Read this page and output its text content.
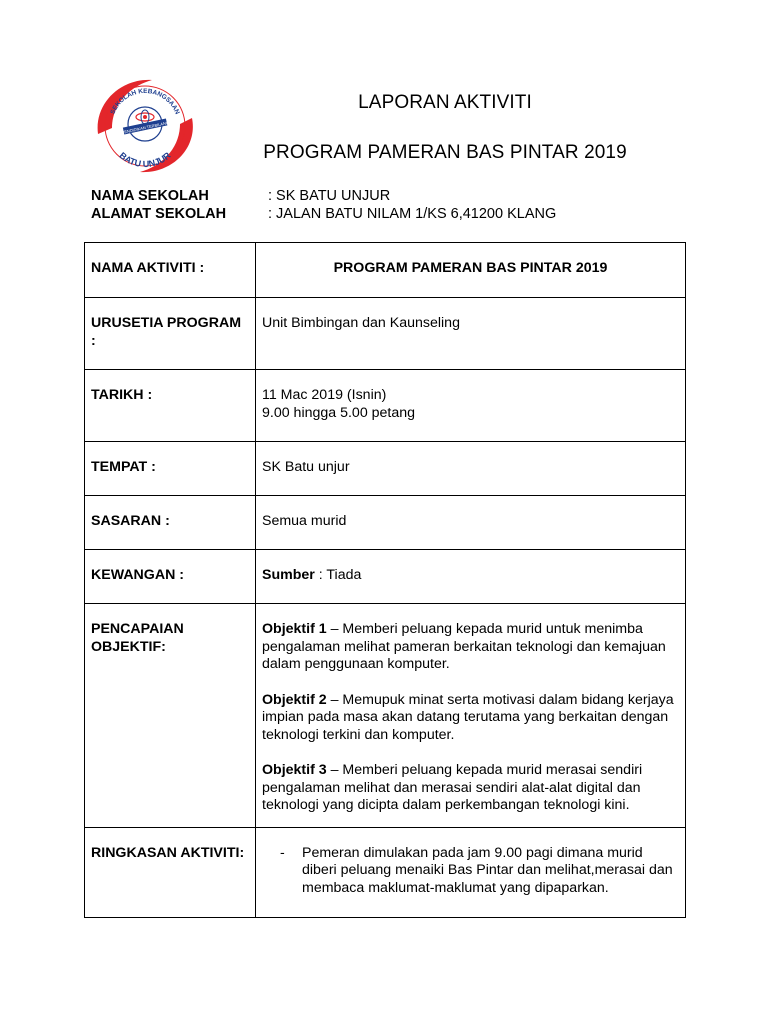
SEKOLAH KEBANGSAAN
BATU UNJUR
PENDIDIKAN TERBILANG
LAPORAN AKTIVITI
PROGRAM PAMERAN BAS PINTAR 2019
NAMA SEKOLAH	: SK BATU UNJUR
ALAMAT SEKOLAH	: JALAN BATU NILAM 1/KS 6,41200 KLANG
NAMA AKTIVITI :	PROGRAM PAMERAN BAS PINTAR 2019
URUSETIA PROGRAM :	Unit Bimbingan dan Kaunseling
TARIKH :	11 Mac 2019 (Isnin)
9.00 hingga 5.00 petang

TEMPAT :	SK Batu unjur
SASARAN :	Semua murid
KEWANGAN :	Sumber : Tiada
PENCAPAIAN OBJEKTIF:	Objektif 1 – Memberi peluang kepada murid untuk menimba pengalaman melihat pameran berkaitan teknologi dan kemajuan dalam penggunaan komputer.
Objektif 2 – Memupuk minat serta motivasi dalam bidang kerjaya impian pada masa akan datang terutama yang berkaitan dengan teknologi terkini dan komputer.
Objektif 3 – Memberi peluang kepada murid merasai sendiri pengalaman melihat dan merasai sendiri alat-alat digital dan teknologi yang dicipta dalam perkembangan teknologi kini.

RINGKASAN AKTIVITI:	- Pemeran dimulakan pada jam 9.00 pagi dimana murid diberi peluang menaiki Bas Pintar dan melihat,merasai dan membaca maklumat-maklumat yang dipaparkan.
